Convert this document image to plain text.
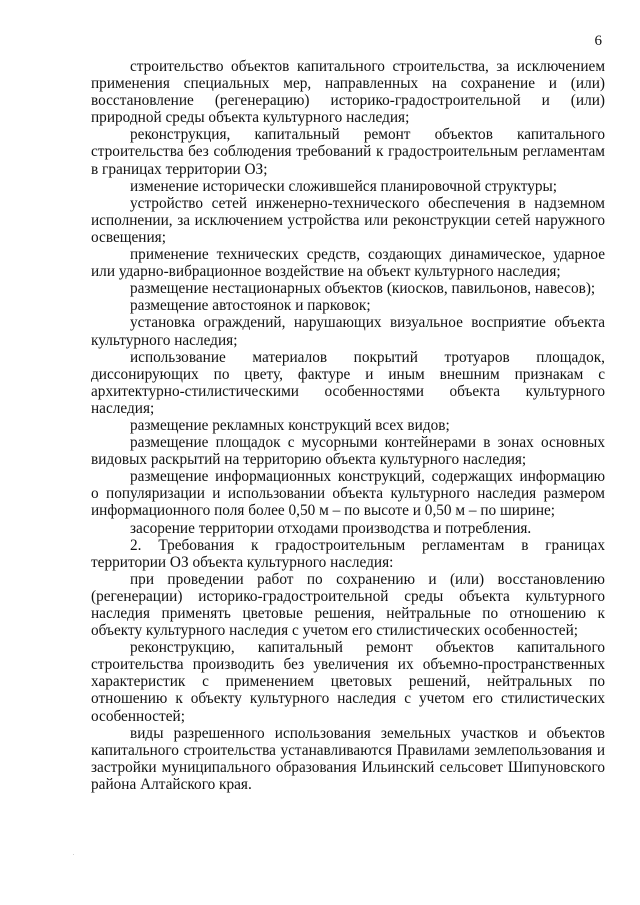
6

строительство объектов капитального строительства, за исключением применения специальных мер, направленных на сохранение и (или) восстановление (регенерацию) историко-градостроительной и (или) природной среды объекта культурного наследия;

реконструкция, капитальный ремонт объектов капитального строительства без соблюдения требований к градостроительным регламентам в границах территории ОЗ;

изменение исторически сложившейся планировочной структуры;

устройство сетей инженерно-технического обеспечения в надземном исполнении, за исключением устройства или реконструкции сетей наружного освещения;

применение технических средств, создающих динамическое, ударное или ударно-вибрационное воздействие на объект культурного наследия;

размещение нестационарных объектов (киосков, павильонов, навесов);

размещение автостоянок и парковок;

установка ограждений, нарушающих визуальное восприятие объекта культурного наследия;

использование материалов покрытий тротуаров площадок, диссонирующих по цвету, фактуре и иным внешним признакам с архитектурно-стилистическими особенностями объекта культурного наследия;

размещение рекламных конструкций всех видов;

размещение площадок с мусорными контейнерами в зонах основных видовых раскрытий на территорию объекта культурного наследия;

размещение информационных конструкций, содержащих информацию о популяризации и использовании объекта культурного наследия размером информационного поля более 0,50 м – по высоте и 0,50 м – по ширине;

засорение территории отходами производства и потребления.

2. Требования к градостроительным регламентам в границах территории ОЗ объекта культурного наследия:

при проведении работ по сохранению и (или) восстановлению (регенерации) историко-градостроительной среды объекта культурного наследия применять цветовые решения, нейтральные по отношению к объекту культурного наследия с учетом его стилистических особенностей;

реконструкцию, капитальный ремонт объектов капитального строительства производить без увеличения их объемно-пространственных характеристик с применением цветовых решений, нейтральных по отношению к объекту культурного наследия с учетом его стилистических особенностей;

виды разрешенного использования земельных участков и объектов капитального строительства устанавливаются Правилами землепользования и застройки муниципального образования Ильинский сельсовет Шипуновского района Алтайского края.
